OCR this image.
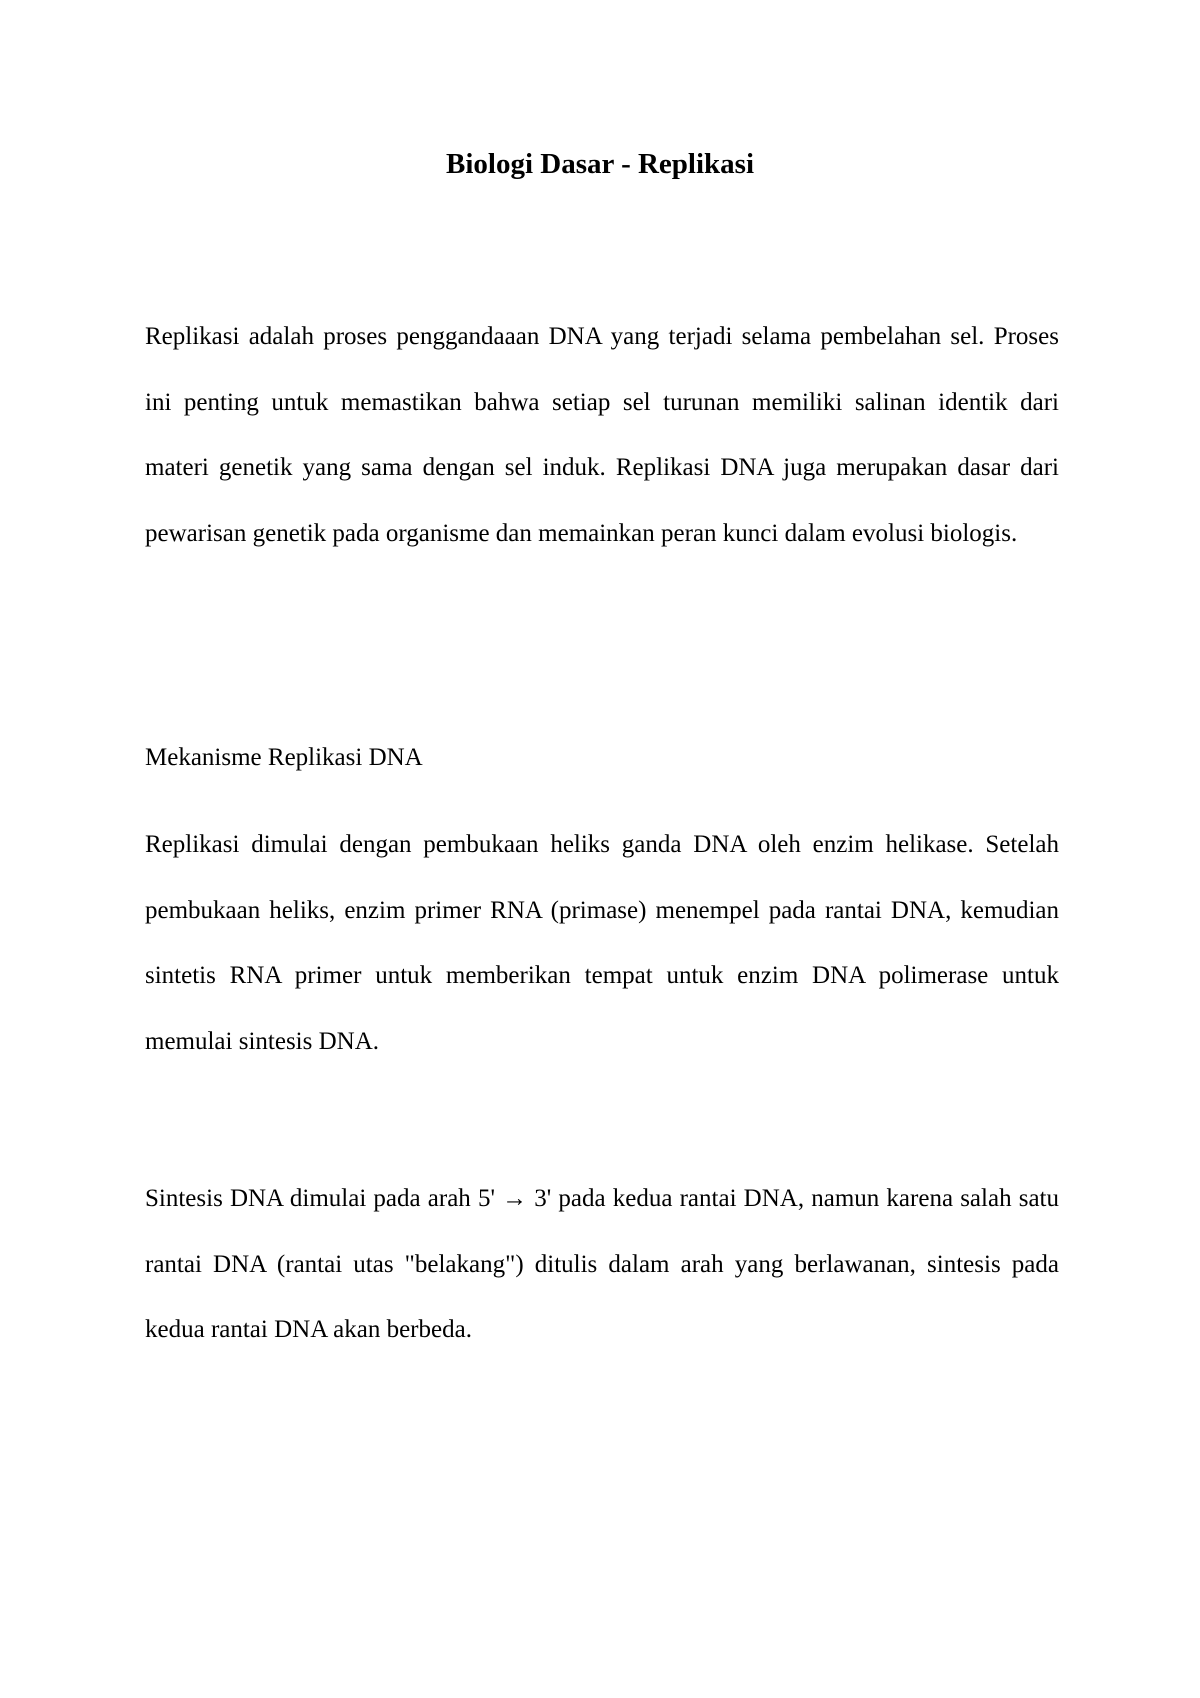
Biologi Dasar - Replikasi

Replikasi adalah proses penggandaaan DNA yang terjadi selama pembelahan sel. Proses ini penting untuk memastikan bahwa setiap sel turunan memiliki salinan identik dari materi genetik yang sama dengan sel induk. Replikasi DNA juga merupakan dasar dari pewarisan genetik pada organisme dan memainkan peran kunci dalam evolusi biologis.

Mekanisme Replikasi DNA

Replikasi dimulai dengan pembukaan heliks ganda DNA oleh enzim helikase. Setelah pembukaan heliks, enzim primer RNA (primase) menempel pada rantai DNA, kemudian sintetis RNA primer untuk memberikan tempat untuk enzim DNA polimerase untuk memulai sintesis DNA.

Sintesis DNA dimulai pada arah 5' → 3' pada kedua rantai DNA, namun karena salah satu rantai DNA (rantai utas "belakang") ditulis dalam arah yang berlawanan, sintesis pada kedua rantai DNA akan berbeda.
